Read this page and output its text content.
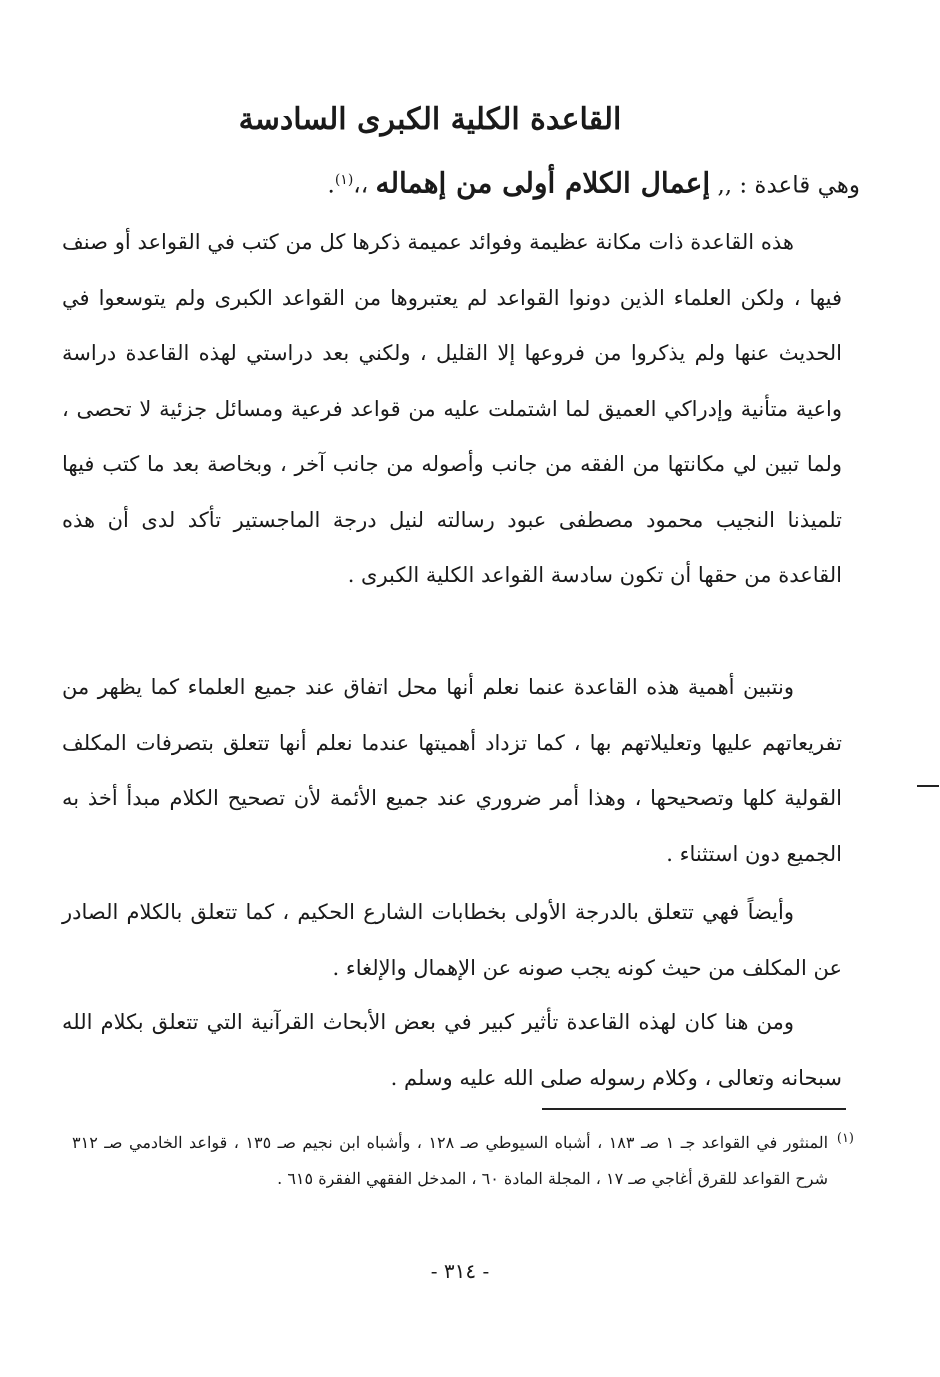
القاعدة الكلية الكبرى السادسة
وهي قاعدة : ,, إعمال الكلام أولى من إهماله ،،$^{(١)}$.

هذه القاعدة ذات مكانة عظيمة وفوائد عميمة ذكرها كل من كتب في القواعد أو صنف فيها ، ولكن العلماء الذين دونوا القواعد لم يعتبروها من القواعد الكبرى ولم يتوسعوا في الحديث عنها ولم يذكروا من فروعها إلا القليل ، ولكني بعد دراستي لهذه القاعدة دراسة واعية متأنية وإدراكي العميق لما اشتملت عليه من قواعد فرعية ومسائل جزئية لا تحصى ، ولما تبين لي مكانتها من الفقه من جانب وأصوله من جانب آخر ، وبخاصة بعد ما كتب فيها تلميذنا النجيب محمود مصطفى عبود رسالته لنيل درجة الماجستير تأكد لدى أن هذه القاعدة من حقها أن تكون سادسة القواعد الكلية الكبرى .

ونتبين أهمية هذه القاعدة عنما نعلم أنها محل اتفاق عند جميع العلماء كما يظهر من تفريعاتهم عليها وتعليلاتهم بها ، كما تزداد أهميتها عندما نعلم أنها تتعلق بتصرفات المكلف القولية كلها وتصحيحها ، وهذا أمر ضروري عند جميع الأئمة لأن تصحيح الكلام مبدأ أخذ به الجميع دون استثناء .

وأيضاً فهي تتعلق بالدرجة الأولى بخطابات الشارع الحكيم ، كما تتعلق بالكلام الصادر عن المكلف من حيث كونه يجب صونه عن الإهمال والإلغاء .

ومن هنا كان لهذه القاعدة تأثير كبير في بعض الأبحاث القرآنية التي تتعلق بكلام الله سبحانه وتعالى ، وكلام رسوله صلى الله عليه وسلم .

(١)
المنثور في القواعد جـ ١ صـ ١٨٣ ، أشباه السيوطي صـ ١٢٨ ، وأشباه ابن نجيم صـ ١٣٥ ، قواعد الخادمي صـ ٣١٢ شرح القواعد للقرق أغاجي صـ ١٧ ، المجلة المادة ٦٠ ، المدخل الفقهي الفقرة ٦١٥ .
- ٣١٤ -
